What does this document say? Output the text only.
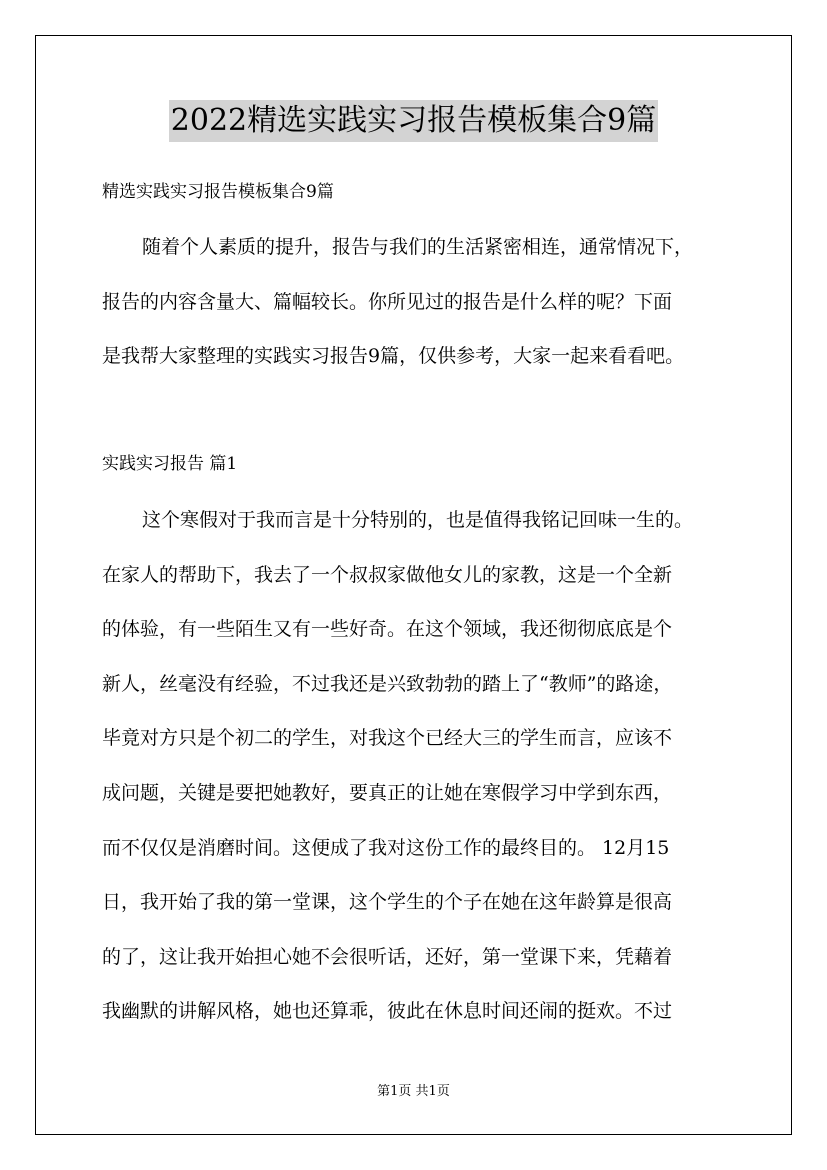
2022精选实践实习报告模板集合9篇
精选实践实习报告模板集合9篇
随着个人素质的提升，报告与我们的生活紧密相连，通常情况下，
报告的内容含量大、篇幅较长。你所见过的报告是什么样的呢？下面
是我帮大家整理的实践实习报告9篇，仅供参考，大家一起来看看吧。
实践实习报告 篇1
这个寒假对于我而言是十分特别的，也是值得我铭记回味一生的。
在家人的帮助下，我去了一个叔叔家做他女儿的家教，这是一个全新
的体验，有一些陌生又有一些好奇。在这个领域，我还彻彻底底是个
新人，丝毫没有经验，不过我还是兴致勃勃的踏上了“教师”的路途，
毕竟对方只是个初二的学生，对我这个已经大三的学生而言，应该不
成问题，关键是要把她教好，要真正的让她在寒假学习中学到东西，
而不仅仅是消磨时间。这便成了我对这份工作的最终目的。 12月15
日，我开始了我的第一堂课，这个学生的个子在她在这年龄算是很高
的了，这让我开始担心她不会很听话，还好，第一堂课下来，凭藉着
我幽默的讲解风格，她也还算乖，彼此在休息时间还闹的挺欢。不过
第1页 共1页
